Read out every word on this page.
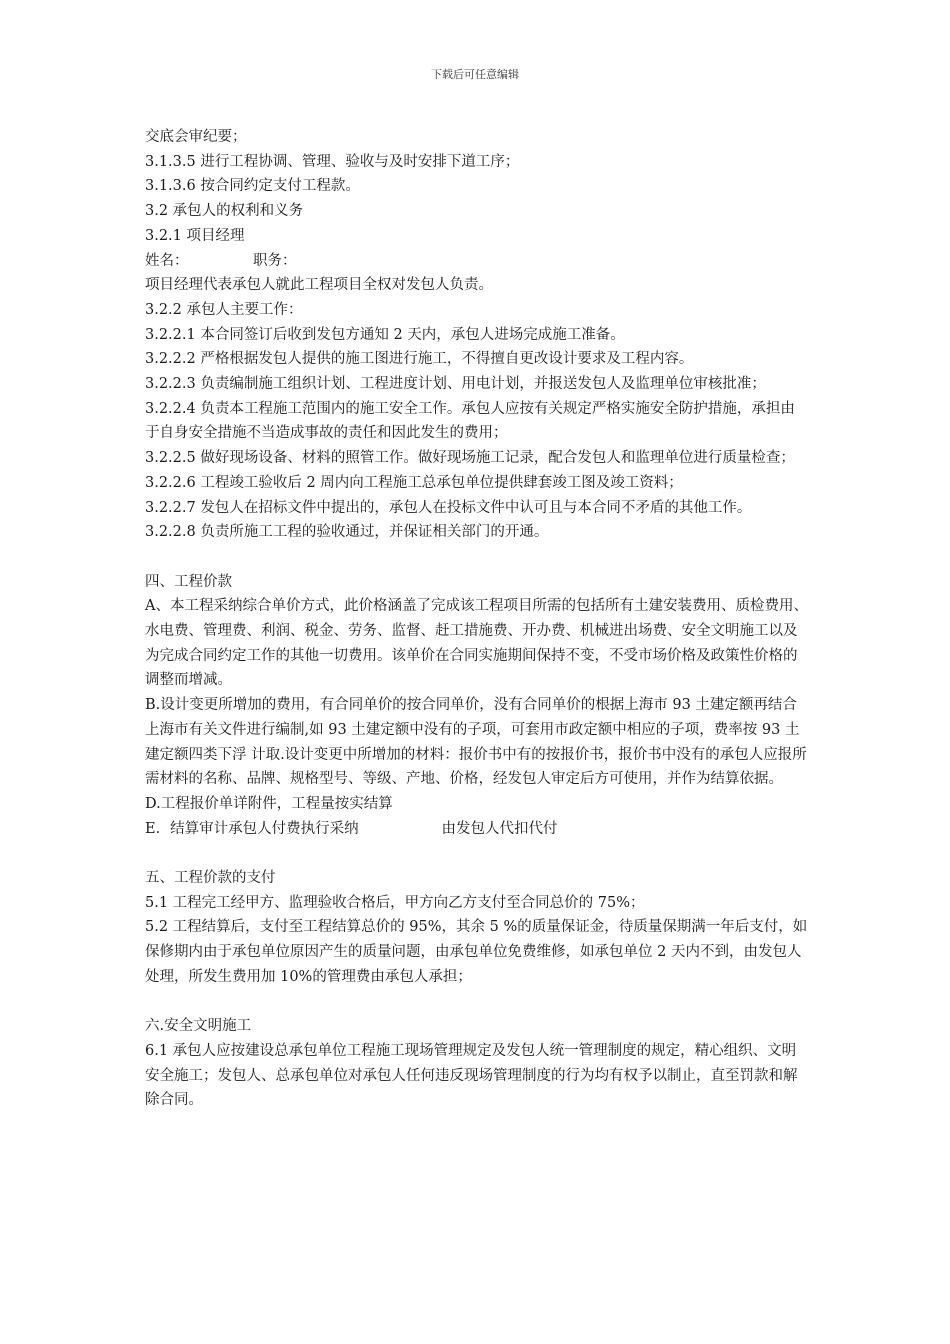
下载后可任意编辑

交底会审纪要；

3.1.3.5 进行工程协调、管理、验收与及时安排下道工序；

3.1.3.6 按合同约定支付工程款。

3.2 承包人的权利和义务

3.2.1 项目经理

姓名：              职务：

项目经理代表承包人就此工程项目全权对发包人负责。

3.2.2 承包人主要工作：

3.2.2.1 本合同签订后收到发包方通知 2 天内，承包人进场完成施工准备。

3.2.2.2 严格根据发包人提供的施工图进行施工，不得擅自更改设计要求及工程内容。

3.2.2.3 负责编制施工组织计划、工程进度计划、用电计划，并报送发包人及监理单位审核批准；

3.2.2.4 负责本工程施工范围内的施工安全工作。承包人应按有关规定严格实施安全防护措施，承担由于自身安全措施不当造成事故的责任和因此发生的费用；

3.2.2.5 做好现场设备、材料的照管工作。做好现场施工记录，配合发包人和监理单位进行质量检查；

3.2.2.6 工程竣工验收后 2 周内向工程施工总承包单位提供肆套竣工图及竣工资料；

3.2.2.7 发包人在招标文件中提出的，承包人在投标文件中认可且与本合同不矛盾的其他工作。

3.2.2.8 负责所施工工程的验收通过，并保证相关部门的开通。

四、工程价款

A、本工程采纳综合单价方式，此价格涵盖了完成该工程项目所需的包括所有土建安装费用、质检费用、水电费、管理费、利润、税金、劳务、监督、赶工措施费、开办费、机械进出场费、安全文明施工以及为完成合同约定工作的其他一切费用。该单价在合同实施期间保持不变，不受市场价格及政策性价格的调整而增减。

B.设计变更所增加的费用，有合同单价的按合同单价，没有合同单价的根据上海市 93 土建定额再结合上海市有关文件进行编制,如 93 土建定额中没有的子项，可套用市政定额中相应的子项，费率按 93 土建定额四类下浮 计取.设计变更中所增加的材料：报价书中有的按报价书，报价书中没有的承包人应报所需材料的名称、品牌、规格型号、等级、产地、价格，经发包人审定后方可使用，并作为结算依据。

D.工程报价单详附件，工程量按实结算

E．结算审计承包人付费执行采纳                  由发包人代扣代付

五、工程价款的支付

5.1 工程完工经甲方、监理验收合格后，甲方向乙方支付至合同总价的 75%；

5.2 工程结算后，支付至工程结算总价的 95%，其余 5 %的质量保证金，待质量保期满一年后支付，如保修期内由于承包单位原因产生的质量问题，由承包单位免费维修，如承包单位 2 天内不到，由发包人处理，所发生费用加 10%的管理费由承包人承担；

六.安全文明施工

6.1 承包人应按建设总承包单位工程施工现场管理规定及发包人统一管理制度的规定，精心组织、文明安全施工；发包人、总承包单位对承包人任何违反现场管理制度的行为均有权予以制止，直至罚款和解除合同。
